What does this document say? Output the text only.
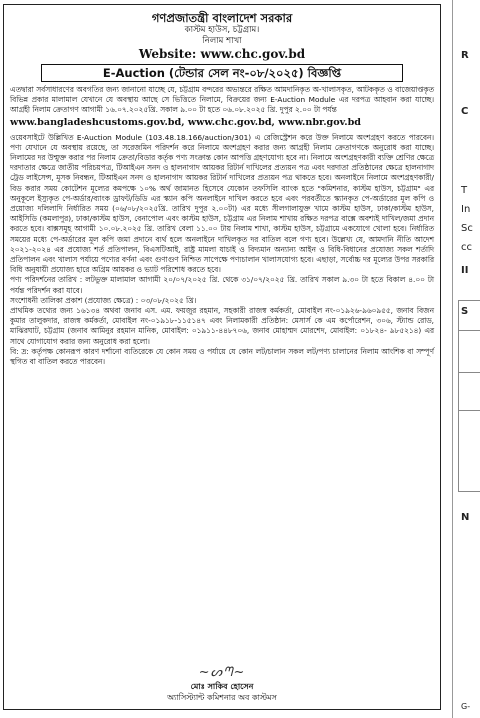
গণপ্রজাতন্ত্রী বাংলাদেশ সরকার
কাস্টম হাউস, চট্টগ্রাম।
নিলাম শাখা
Website: www.chc.gov.bd
E-Auction (টেন্ডার সেল নং-০৮/২০২৫) বিজ্ঞপ্তি

এতদ্বারা সর্বসাধারণের অবগতির জন্য জানানো যাচ্ছে যে, চট্টগ্রাম বন্দরের অভ্যন্তরে রক্ষিত আমদানিকৃত অ-খালাসকৃত, আটককৃত ও বাজেয়াপ্তকৃত বিভিন্ন প্রকার মালামাল যেখানে যে অবস্থায় আছে সে ভিত্তিতে নিলামে, বিক্রয়ের জন্য E-Auction Module এর দরপত্র আহবান করা যাচ্ছে। আগ্রহী নিলাম ক্রেতাগণ আগামী ১৬.০৭.২০২৫খ্রি. সকাল ৯.০০ টা হতে ০৬.০৮.২০২৫ খ্রি. দুপুর ২.০০ টা পর্যন্ত

www.bangladeshcustoms.gov.bd, www.chc.gov.bd, www.nbr.gov.bd

ওয়েবসাইটে উল্লিখিত E-Auction Module (103.48.18.166/auction/301) এ রেজিস্ট্রেশন করে উক্ত নিলামে অংশগ্রহণ করতে পারবেন। পণ্য যেখানে যে অবস্থায় রয়েছে, তা সরেজমিন পরিদর্শন করে নিলামে অংশগ্রহণ করার জন্য আগ্রহী নিলাম ক্রেতাগণকে অনুরোধ করা যাচ্ছে। নিলামের দর উন্মুক্ত করার পর নিলাম ক্রেতা/বিডার কর্তৃক পণ্য সংক্রান্ত কোন আপত্তি গ্রহণযোগ্য হবে না। নিলামে অংশগ্রহণকারী ব্যক্তি শ্রেণির ক্ষেত্রে দরদাতার ক্ষেত্রে জাতীয় পরিচয়পত্র, টিআইএন সনদ ও হালনাগাদ আয়কর রিটার্ন দাখিলের প্রত্যয়ন পত্র এবং দরদাতা প্রতিষ্ঠানের ক্ষেত্রে হালনাগাদ ট্রেড লাইসেন্স, মূসক নিবন্ধন, টিআইএন সনদ ও হালনাগাদ আয়কর রিটার্ন দাখিলের প্রত্যয়ন পত্র থাকতে হবে। অনলাইনে নিলামে অংশগ্রহণকারী/বিড করার সময় কোটেশন মূল্যের কমপক্ষে ১০% অর্থ জামানত হিসেবে যেকোন তফসিলি ব্যাংক হতে "কমিশনার, কাস্টম হাউস, চট্টগ্রাম" এর অনুকূলে ইস্যুকৃত পে-অর্ডার/ব্যাংক ড্রাফট/ডিডি এর স্ক্যান কপি অনলাইনে দাখিল করতে হবে এবং পরবর্তীতে স্ক্যানকৃত পে-অর্ডারের মূল কপি ও প্রয়োজ্য দলিলাদি নির্ধারিত সময় (০৬/০৮/২০২৫খ্রি. তারিখ দুপুর ২.০০টা) এর মধ্যে সীলগালাযুক্ত খামে কাস্টম হাউস, ঢাকা/কাস্টম হাউস, আইসিডি (কমলাপুর), ঢাকা/কাস্টম হাউস, বেনাপোল এবং কাস্টম হাউস, চট্টগ্রাম এর নিলাম শাখায় রক্ষিত দরপত্র বাক্সে অবশ্যই দাখিল/জমা প্রদান করতে হবে। বাক্সসমূহ আগামী ১০.০৮.২০২৫ খ্রি. তারিখ বেলা ১১.০০ টায় নিলাম শাখা, কাস্টম হাউস, চট্টগ্রামে একযোগে খোলা হবে। নির্ধারিত সময়ের মধ্যে পে-অর্ডারের মূল কপি জমা প্রদানে ব্যর্থ হলে অনলাইনে দাখিলকৃত দর বাতিল বলে গণ্য হবে। উল্লেখ্য যে, আমদানি নীতি আদেশ ২০২১-২০২৪ এর প্রযোজ্য শর্ত প্রতিপালন, বিএসটিআই, রাষ্ট্র মামলা যাচাই ও বিদ্যমান অন্যান্য আইন ও বিধি-বিধানের প্রযোজ্য সকল শর্তাদি প্রতিপালন এবং খালাস পর্যায়ে পণ্যের বর্ণনা এবং গুণাগুণ নিশ্চিত সাপেক্ষে পণ্যচালান খালাসযোগ্য হবে। এছাড়া, সর্বোচ্চ দর মূল্যের উপর সরকারি বিধি অনুযায়ী প্রযোজ্য হারে অগ্রিম আয়কর ও ভ্যাট পরিশোধ করতে হবে।

পণ্য পরিদর্শনের তারিখ : লটভুক্ত মালামাল আগামী ২০/০৭/২০২৫ খ্রি. থেকে ৩১/০৭/২০২৫ খ্রি. তারিখ সকাল ৯.৩০ টা হতে বিকাল ৪.০০ টা পর্যন্ত পরিদর্শন করা যাবে।

সংশোধনী তালিকা প্রকাশ (প্রযোজ্য ক্ষেত্রে) : ০৩/০৮/২০২৫ খ্রি।

প্রাথমিক তথ্যের জন্য ১৬১৩৪ অথবা জনাব এস. এম. ফয়জুর রহমান, সহকারী রাজস্ব কর্মকর্তা, মোবাইল নং-০১৯২৬-৯৬০৯৫৫, জনাব বিজন কুমার তালুকদার, রাজস্ব কর্মকর্তা, মোবাইল নং-০১৯১৮-১১৫১৪৭ এবং নিলামকারী প্রতিষ্ঠান: মেসার্স কে এম কর্পোরেশন, ৩০৬, স্ট্যান্ড রোড, মাঝিরঘাট, চট্টগ্রাম (জনাব আমিনুর রহমান মানিক, মোবাইল: ০১৯১১-৪৪৮৭০৬, জনাব মোহাম্মদ মোরশেদ, মোবাইল: ০১৮২৪- ৯৮৫২১৪) এর সাথে যোগাযোগ করার জন্য অনুরোধ করা হলো।

বি: দ্র: কর্তৃপক্ষ কোনরূপ কারণ দর্শানো ব্যতিরেকে যে কোন সময় ও পর্যায়ে যে কোন লট/চালান সকল লট/পণ্য চালানের নিলাম আংশিক বা সম্পূর্ণ স্থগিত বা বাতিল করতে পারবেন।

~ᔕᘉ~
মোঃ সাকিব হোসেন
অ্যাসিস্ট্যান্ট কমিশনার অব কাস্টমস
R
C
T
In
Sc
cc
II
S
N
G-
